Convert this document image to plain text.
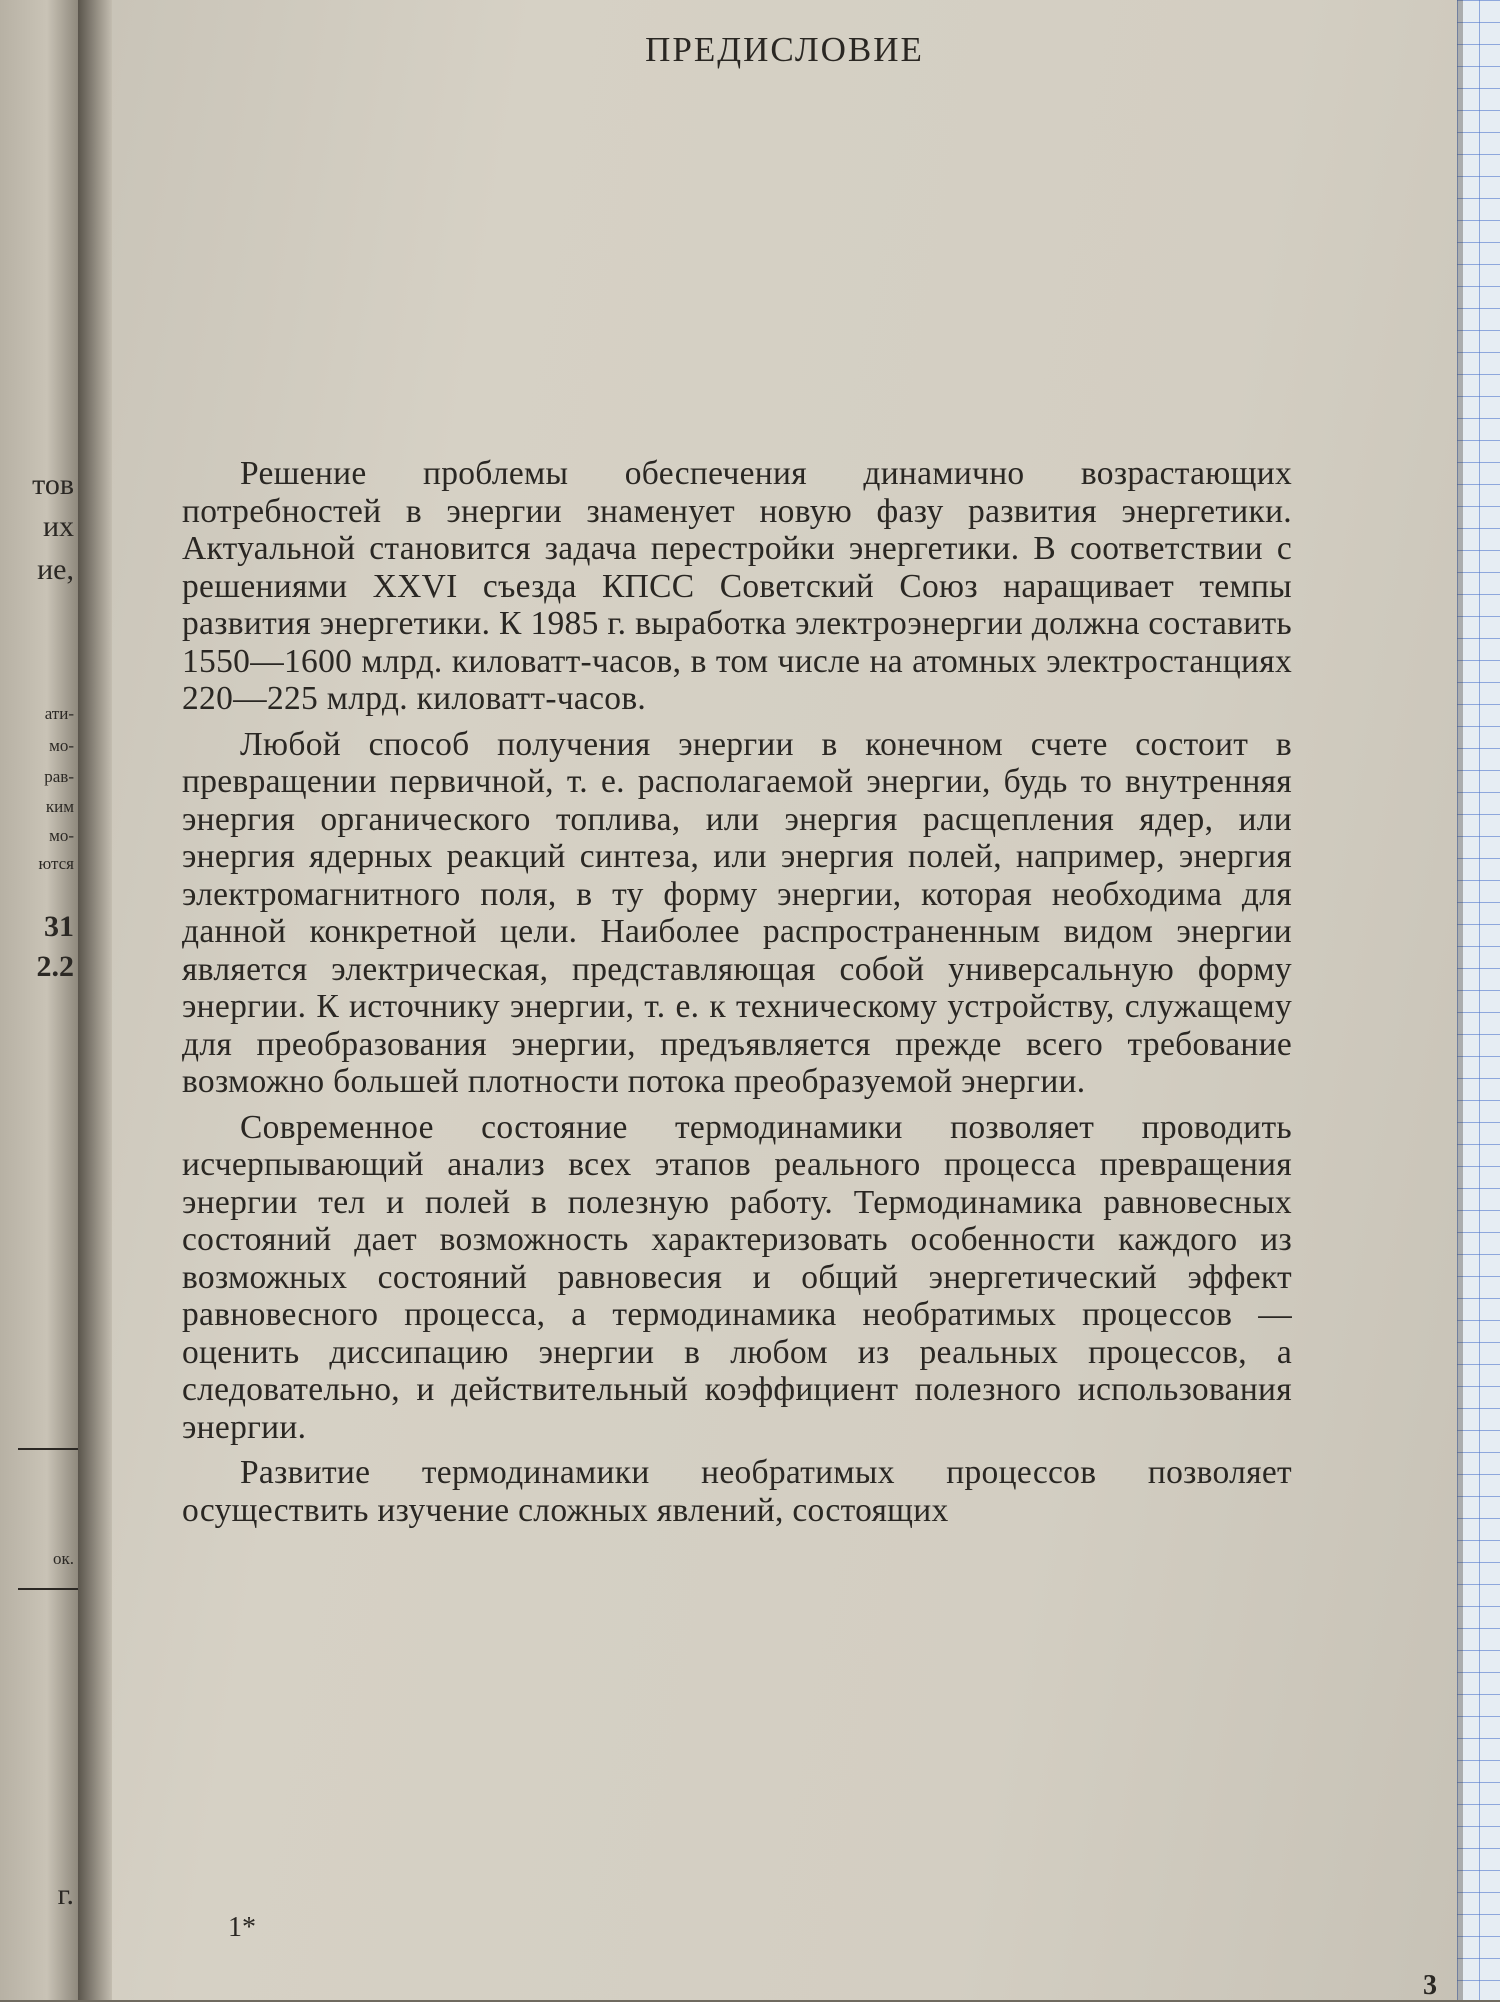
тов

их

ие,

ати-

мо-

рав-

ким

мо-

ются

31

2.2

ок.

г.

ПРЕДИСЛОВИЕ

Решение проблемы обеспечения динамично возрастающих потребностей в энергии знаменует новую фазу развития энергетики. Актуальной становится задача перестройки энергетики. В соответствии с решениями XXVI съезда КПСС Советский Союз наращивает темпы развития энергетики. К 1985 г. выработка электроэнергии должна составить 1550—1600 млрд. киловатт-часов, в том числе на атомных электростанциях 220—225 млрд. киловатт-часов.

Любой способ получения энергии в конечном счете состоит в превращении первичной, т. е. располагаемой энергии, будь то внутренняя энергия органического топлива, или энергия расщепления ядер, или энергия ядерных реакций синтеза, или энергия полей, например, энергия электромагнитного поля, в ту форму энергии, которая необходима для данной конкретной цели. Наиболее распространенным видом энергии является электрическая, представляющая собой универсальную форму энергии. К источнику энергии, т. е. к техническому устройству, служащему для преобразования энергии, предъявляется прежде всего требование возможно большей плотности потока преобразуемой энергии.

Современное состояние термодинамики позволяет проводить исчерпывающий анализ всех этапов реального процесса превращения энергии тел и полей в полезную работу. Термодинамика равновесных состояний дает возможность характеризовать особенности каждого из возможных состояний равновесия и общий энергетический эффект равновесного процесса, а термодинамика необратимых процессов — оценить диссипацию энергии в любом из реальных процессов, а следовательно, и действительный коэффициент полезного использования энергии.

Развитие термодинамики необратимых процессов позволяет осуществить изучение сложных явлений, состоящих

1*

3
